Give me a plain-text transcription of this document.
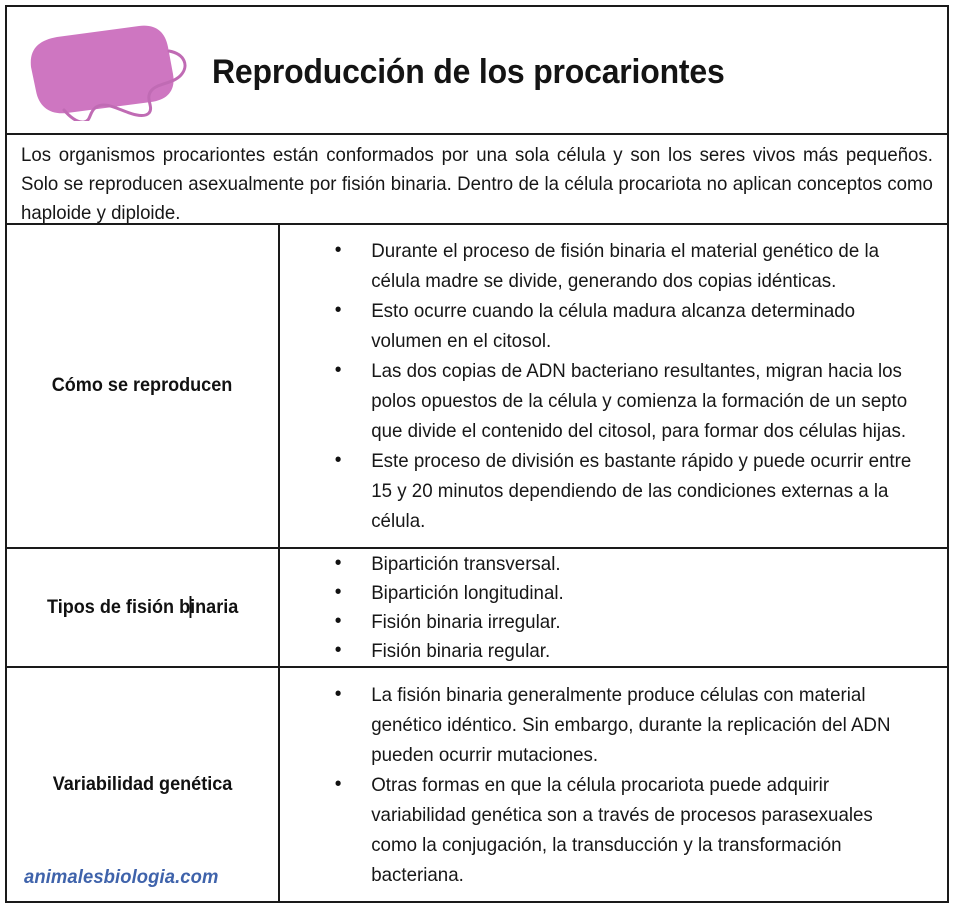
Reproducción de los procariontes
Los organismos procariontes están conformados por una sola célula y son los seres vivos más pequeños. Solo se reproducen asexualmente por fisión binaria. Dentro de la célula procariota no aplican conceptos como haploide y diploide.
Cómo se reproducen
• Durante el proceso de fisión binaria el material genético de la célula madre se divide, generando dos copias idénticas.
• Esto ocurre cuando la célula madura alcanza determinado volumen en el citosol.
• Las dos copias de ADN bacteriano resultantes, migran hacia los polos opuestos de la célula y comienza la formación de un septo que divide el contenido del citosol, para formar dos células hijas.
• Este proceso de división es bastante rápido y puede ocurrir entre 15 y 20 minutos dependiendo de las condiciones externas a la célula.
Tipos de fisión binaria
• Bipartición transversal.
• Bipartición longitudinal.
• Fisión binaria irregular.
• Fisión binaria regular.
Variabilidad genética
• La fisión binaria generalmente produce células con material genético idéntico. Sin embargo, durante la replicación del ADN pueden ocurrir mutaciones.
• Otras formas en que la célula procariota puede adquirir variabilidad genética son a través de procesos parasexuales como la conjugación, la transducción y la transformación bacteriana.
animalesbiologia.com
